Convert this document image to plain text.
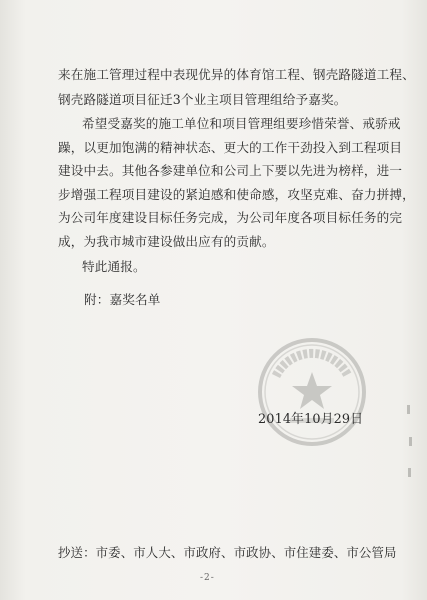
来在施工管理过程中表现优异的体育馆工程、钢壳路隧道工程、
钢壳路隧道项目征迁3个业主项目管理组给予嘉奖。
希望受嘉奖的施工单位和项目管理组要珍惜荣誉、戒骄戒
躁，以更加饱满的精神状态、更大的工作干劲投入到工程项目
建设中去。其他各参建单位和公司上下要以先进为榜样，进一
步增强工程项目建设的紧迫感和使命感，攻坚克难、奋力拼搏，
为公司年度建设目标任务完成，为公司年度各项目标任务的完
成，为我市城市建设做出应有的贡献。
特此通报。
附：嘉奖名单
2014年10月29日
抄送：市委、市人大、市政府、市政协、市住建委、市公管局
-2-
